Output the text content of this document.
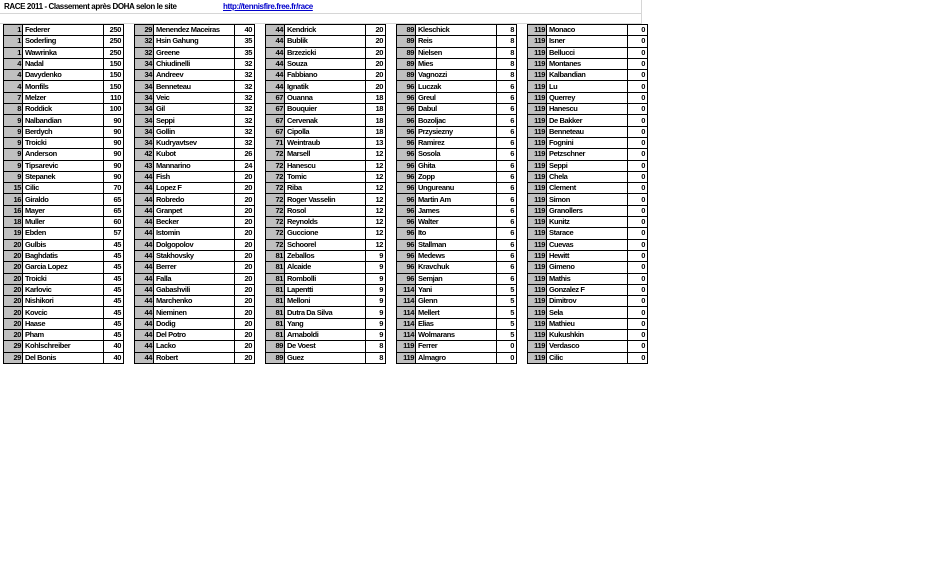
RACE 2011 - Classement après DOHA selon le site	http://tennisfire.free.fr/race
1	Federer	250
1	Soderling	250
1	Wawrinka	250
4	Nadal	150
4	Davydenko	150
4	Monfils	150
7	Melzer	110
8	Roddick	100
9	Nalbandian	90
9	Berdych	90
9	Troicki	90
9	Anderson	90
9	Tipsarevic	90
9	Stepanek	90
15	Cilic	70
16	Giraldo	65
16	Mayer	65
18	Muller	60
19	Ebden	57
20	Gulbis	45
20	Baghdatis	45
20	Garcia Lopez	45
20	Troicki	45
20	Karlovic	45
20	Nishikori	45
20	Kovcic	45
20	Haase	45
20	Pham	45
29	Kohlschreiber	40
29	Del Bonis	40
29	Menendez Maceiras	40
32	Hsin Gahung	35
32	Greene	35
34	Chiudinelli	32
34	Andreev	32
34	Benneteau	32
34	Veic	32
34	Gil	32
34	Seppi	32
34	Gollin	32
34	Kudryavtsev	32
42	Kubot	26
43	Mannarino	24
44	Fish	20
44	Lopez F	20
44	Robredo	20
44	Granpet	20
44	Becker	20
44	Istomin	20
44	Dolgopolov	20
44	Stakhovsky	20
44	Berrer	20
44	Falla	20
44	Gabashvili	20
44	Marchenko	20
44	Nieminen	20
44	Dodig	20
44	Del Potro	20
44	Lacko	20
44	Robert	20
44	Kendrick	20
44	Bublik	20
44	Brzezicki	20
44	Souza	20
44	Fabbiano	20
44	Ignatik	20
67	Ouanna	18
67	Bouquier	18
67	Cervenak	18
67	Cipolla	18
71	Weintraub	13
72	Marsell	12
72	Hanescu	12
72	Tomic	12
72	Riba	12
72	Roger Vasselin	12
72	Rosol	12
72	Reynolds	12
72	Guccione	12
72	Schoorel	12
81	Zeballos	9
81	Alcaide	9
81	Rombolli	9
81	Lapentti	9
81	Melloni	9
81	Dutra Da Silva	9
81	Yang	9
81	Arnaboldi	9
89	De Voest	8
89	Guez	8
89	Kleschick	8
89	Reis	8
89	Nielsen	8
89	Mies	8
89	Vagnozzi	8
96	Luczak	6
96	Greul	6
96	Dabul	6
96	Bozoljac	6
96	Przysiezny	6
96	Ramirez	6
96	Sosola	6
96	Ghita	6
96	Zopp	6
96	Ungureanu	6
96	Martin Am	6
96	James	6
96	Walter	6
96	Ito	6
96	Stallman	6
96	Medews	6
96	Kravchuk	6
96	Semjan	6
114	Yani	5
114	Glenn	5
114	Mellert	5
114	Elias	5
114	Wolmarans	5
119	Ferrer	0
119	Almagro	0
119	Monaco	0
119	Isner	0
119	Bellucci	0
119	Montanes	0
119	Kalbandian	0
119	Lu	0
119	Querrey	0
119	Hanescu	0
119	De Bakker	0
119	Benneteau	0
119	Fognini	0
119	Petzschner	0
119	Seppi	0
119	Chela	0
119	Clement	0
119	Simon	0
119	Granollers	0
119	Kunitz	0
119	Starace	0
119	Cuevas	0
119	Hewitt	0
119	Gimeno	0
119	Mathis	0
119	Gonzalez F	0
119	Dimitrov	0
119	Sela	0
119	Mathieu	0
119	Kukushkin	0
119	Verdasco	0
119	Cilic	0
